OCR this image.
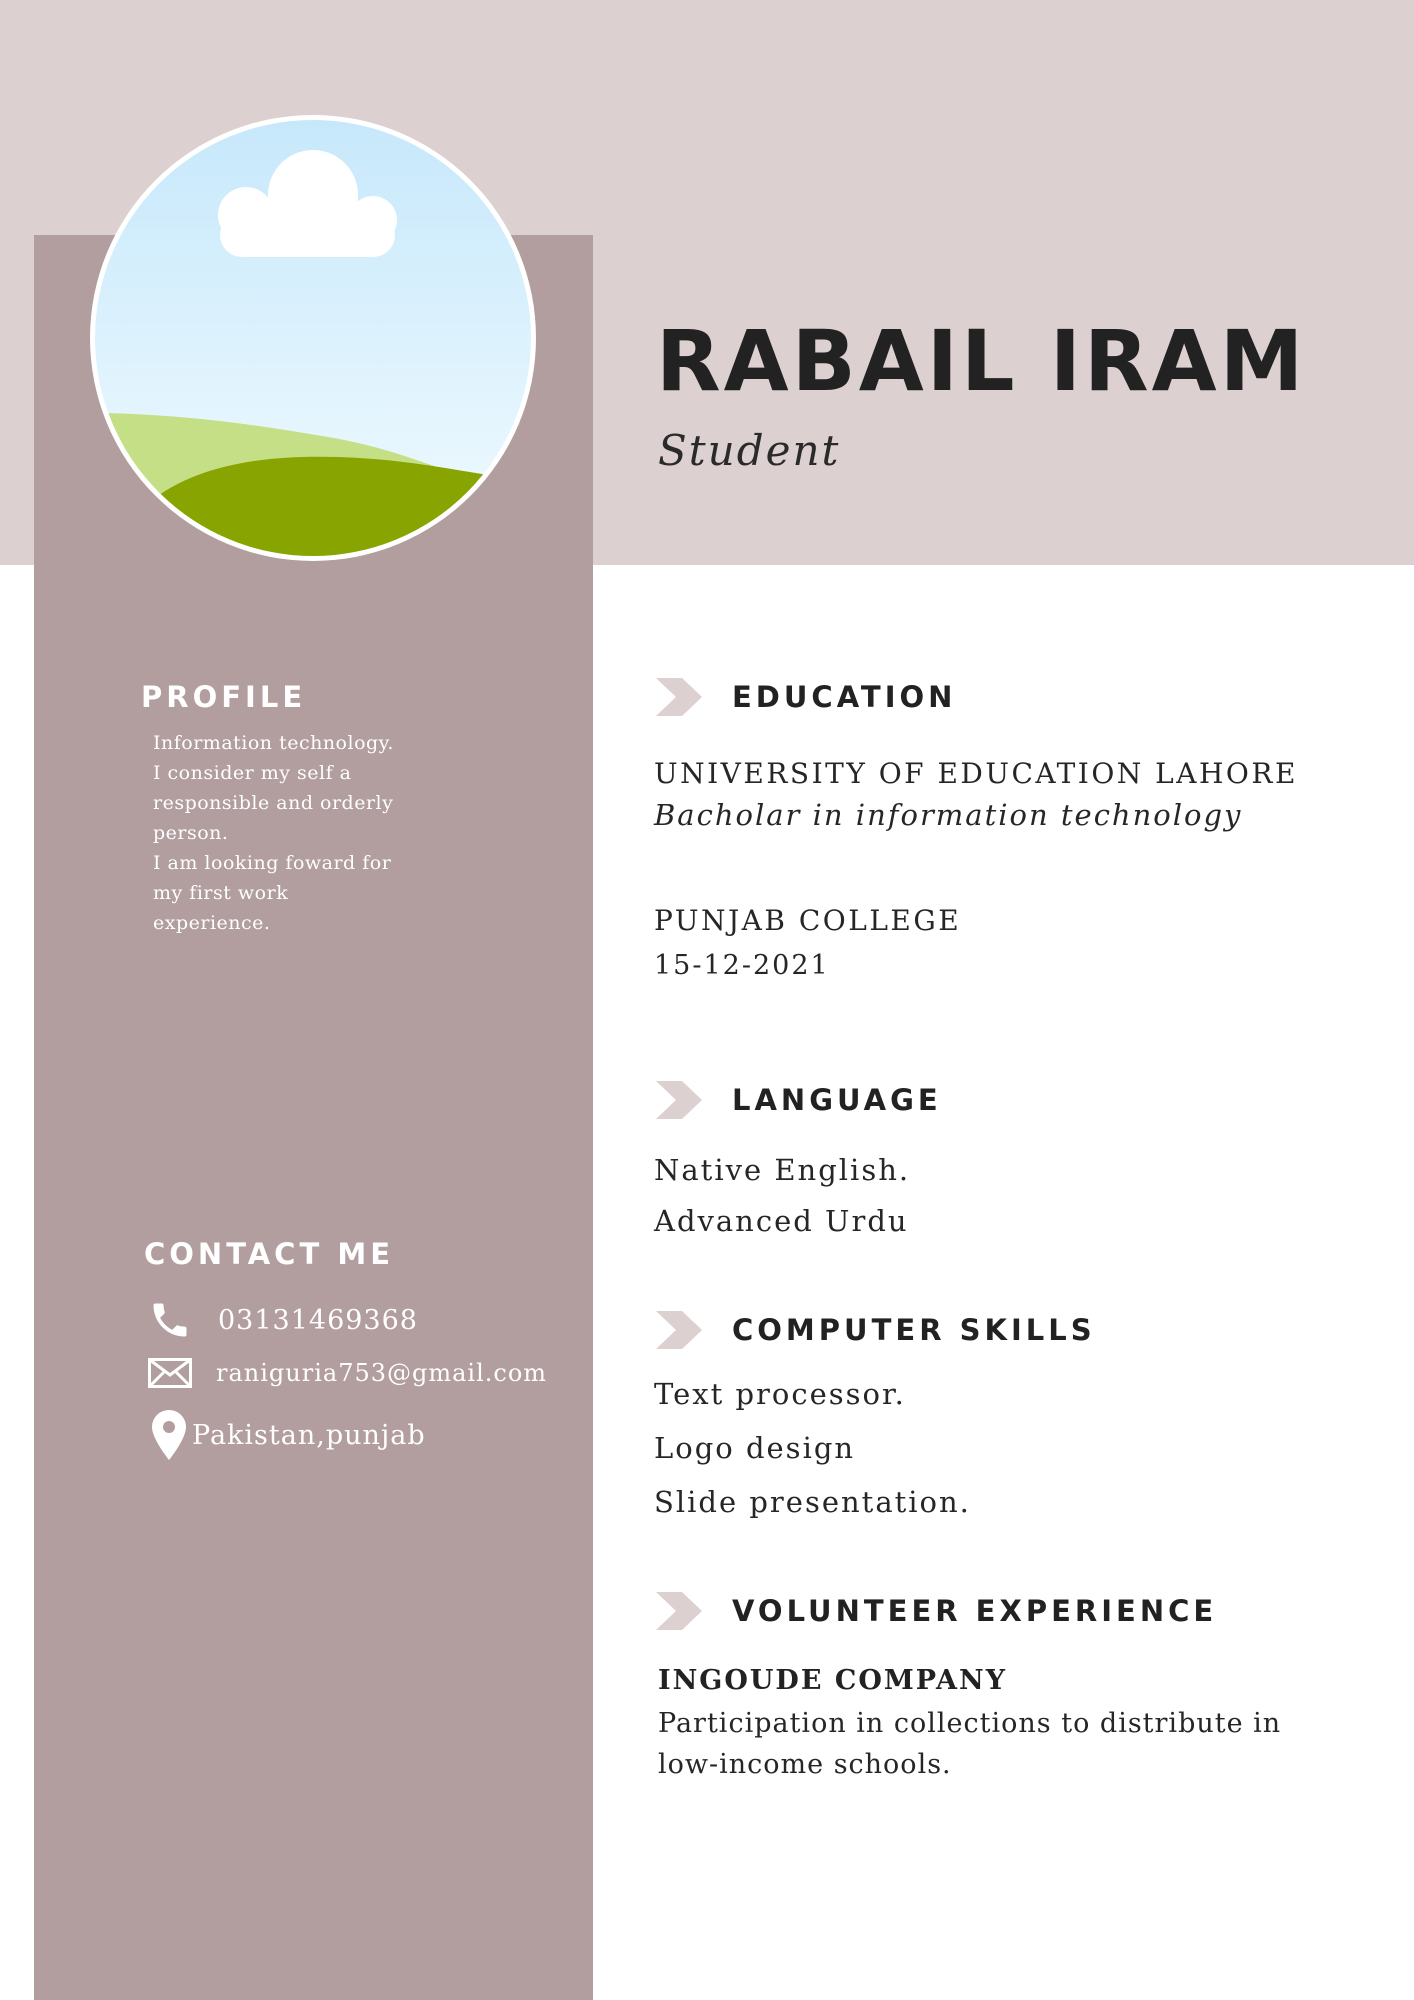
RABAIL IRAM
Student
PROFILE
Information technology.
I consider my self a
responsible and orderly
person.
I am looking foward for
my first work
experience.
CONTACT ME
03131469368
raniguria753@gmail.com
Pakistan,punjab
EDUCATION
UNIVERSITY OF EDUCATION LAHORE
Bacholar in information technology
PUNJAB COLLEGE
15-12-2021
LANGUAGE
Native English.
Advanced Urdu
COMPUTER SKILLS
Text processor.
Logo design
Slide presentation.
VOLUNTEER EXPERIENCE
INGOUDE COMPANY
Participation in collections to distribute in low-income schools.
